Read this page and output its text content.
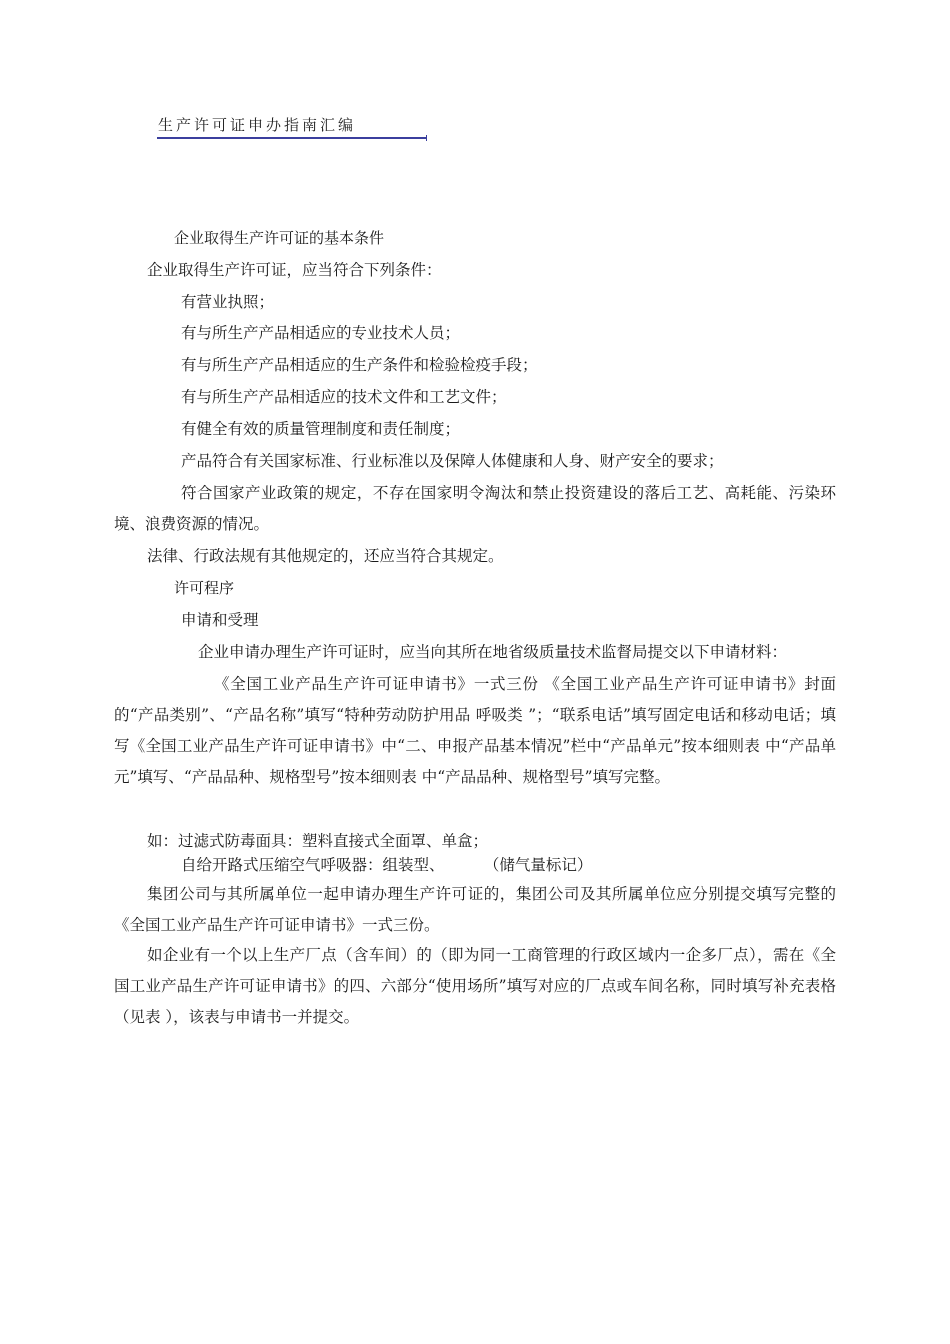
生产许可证申办指南汇编
企业取得生产许可证的基本条件
企业取得生产许可证，应当符合下列条件：
有营业执照；
有与所生产产品相适应的专业技术人员；
有与所生产产品相适应的生产条件和检验检疫手段；
有与所生产产品相适应的技术文件和工艺文件；
有健全有效的质量管理制度和责任制度；
产品符合有关国家标准、行业标准以及保障人体健康和人身、财产安全的要求；
符合国家产业政策的规定，不存在国家明令淘汰和禁止投资建设的落后工艺、高耗能、污染环境、浪费资源的情况。
法律、行政法规有其他规定的，还应当符合其规定。
许可程序
申请和受理
企业申请办理生产许可证时，应当向其所在地省级质量技术监督局提交以下申请材料：
《全国工业产品生产许可证申请书》一式三份 《全国工业产品生产许可证申请书》封面的“产品类别”、“产品名称”填写“特种劳动防护用品 呼吸类 ”；“联系电话”填写固定电话和移动电话；填写《全国工业产品生产许可证申请书》中“二、申报产品基本情况”栏中“产品单元”按本细则表 中“产品单元”填写、“产品品种、规格型号”按本细则表 中“产品品种、规格型号”填写完整。
如：过滤式防毒面具：塑料直接式全面罩、单盒；
自给开路式压缩空气呼吸器：组装型、        （储气量标记）
集团公司与其所属单位一起申请办理生产许可证的，集团公司及其所属单位应分别提交填写完整的《全国工业产品生产许可证申请书》一式三份。
如企业有一个以上生产厂点（含车间）的（即为同一工商管理的行政区域内一企多厂点），需在《全国工业产品生产许可证申请书》的四、六部分“使用场所”填写对应的厂点或车间名称，同时填写补充表格（见表 ），该表与申请书一并提交。
